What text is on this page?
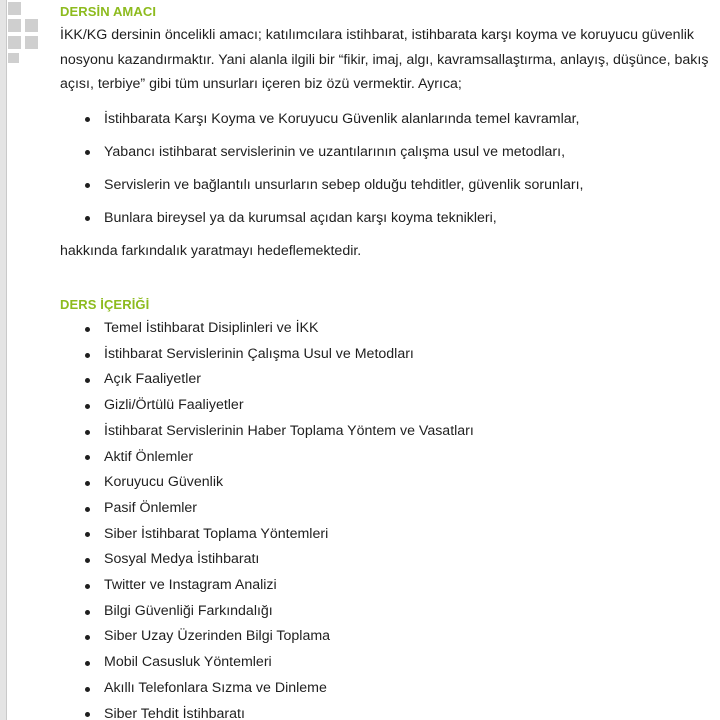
DERSİN AMACI

İKK/KG dersinin öncelikli amacı; katılımcılara istihbarat, istihbarata karşı koyma ve koruyucu güvenlik nosyonu kazandırmaktır. Yani alanla ilgili bir “fikir, imaj, algı, kavramsallaştırma, anlayış, düşünce, bakış açısı, terbiye” gibi tüm unsurları içeren biz özü vermektir. Ayrıca;

İstihbarata Karşı Koyma ve Koruyucu Güvenlik alanlarında temel kavramlar,
Yabancı istihbarat servislerinin ve uzantılarının çalışma usul ve metodları,
Servislerin ve bağlantılı unsurların sebep olduğu tehditler, güvenlik sorunları,
Bunlara bireysel ya da kurumsal açıdan karşı koyma teknikleri,

hakkında farkındalık yaratmayı hedeflemektedir.

DERS İÇERİĞİ
Temel İstihbarat Disiplinleri ve İKK
İstihbarat Servislerinin Çalışma Usul ve Metodları
Açık Faaliyetler
Gizli/Örtülü Faaliyetler
İstihbarat Servislerinin Haber Toplama Yöntem ve Vasatları
Aktif Önlemler
Koruyucu Güvenlik
Pasif Önlemler
Siber İstihbarat Toplama Yöntemleri
Sosyal Medya İstihbaratı
Twitter ve Instagram Analizi
Bilgi Güvenliği Farkındalığı
Siber Uzay Üzerinden Bilgi Toplama
Mobil Casusluk Yöntemleri
Akıllı Telefonlara Sızma ve Dinleme
Siber Tehdit İstihbaratı
